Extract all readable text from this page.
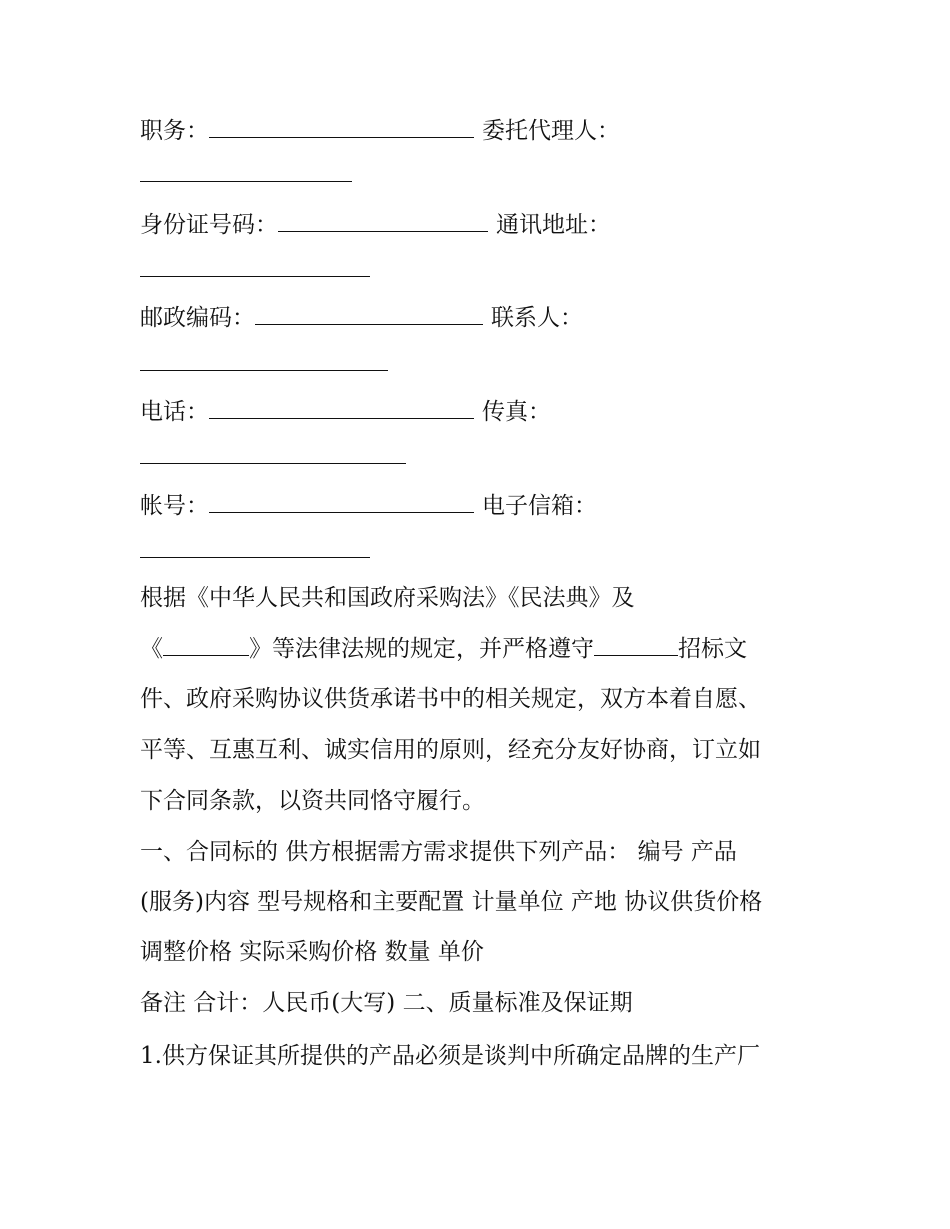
职务：	委托代理人：
身份证号码：	通讯地址：
邮政编码：	联系人：
电话：	传真：
帐号：	电子信箱：
根据《中华人民共和国政府采购法》《民法典》及
《	》等法律法规的规定，并严格遵守	招标文
件、政府采购协议供货承诺书中的相关规定，双方本着自愿、
平等、互惠互利、诚实信用的原则，经充分友好协商，订立如
下合同条款，以资共同恪守履行。
一、合同标的 供方根据需方需求提供下列产品： 编号 产品
(服务)内容 型号规格和主要配置 计量单位 产地 协议供货价格
调整价格 实际采购价格 数量 单价
备注 合计：人民币(大写) 二、质量标准及保证期
1.供方保证其所提供的产品必须是谈判中所确定品牌的生产厂
